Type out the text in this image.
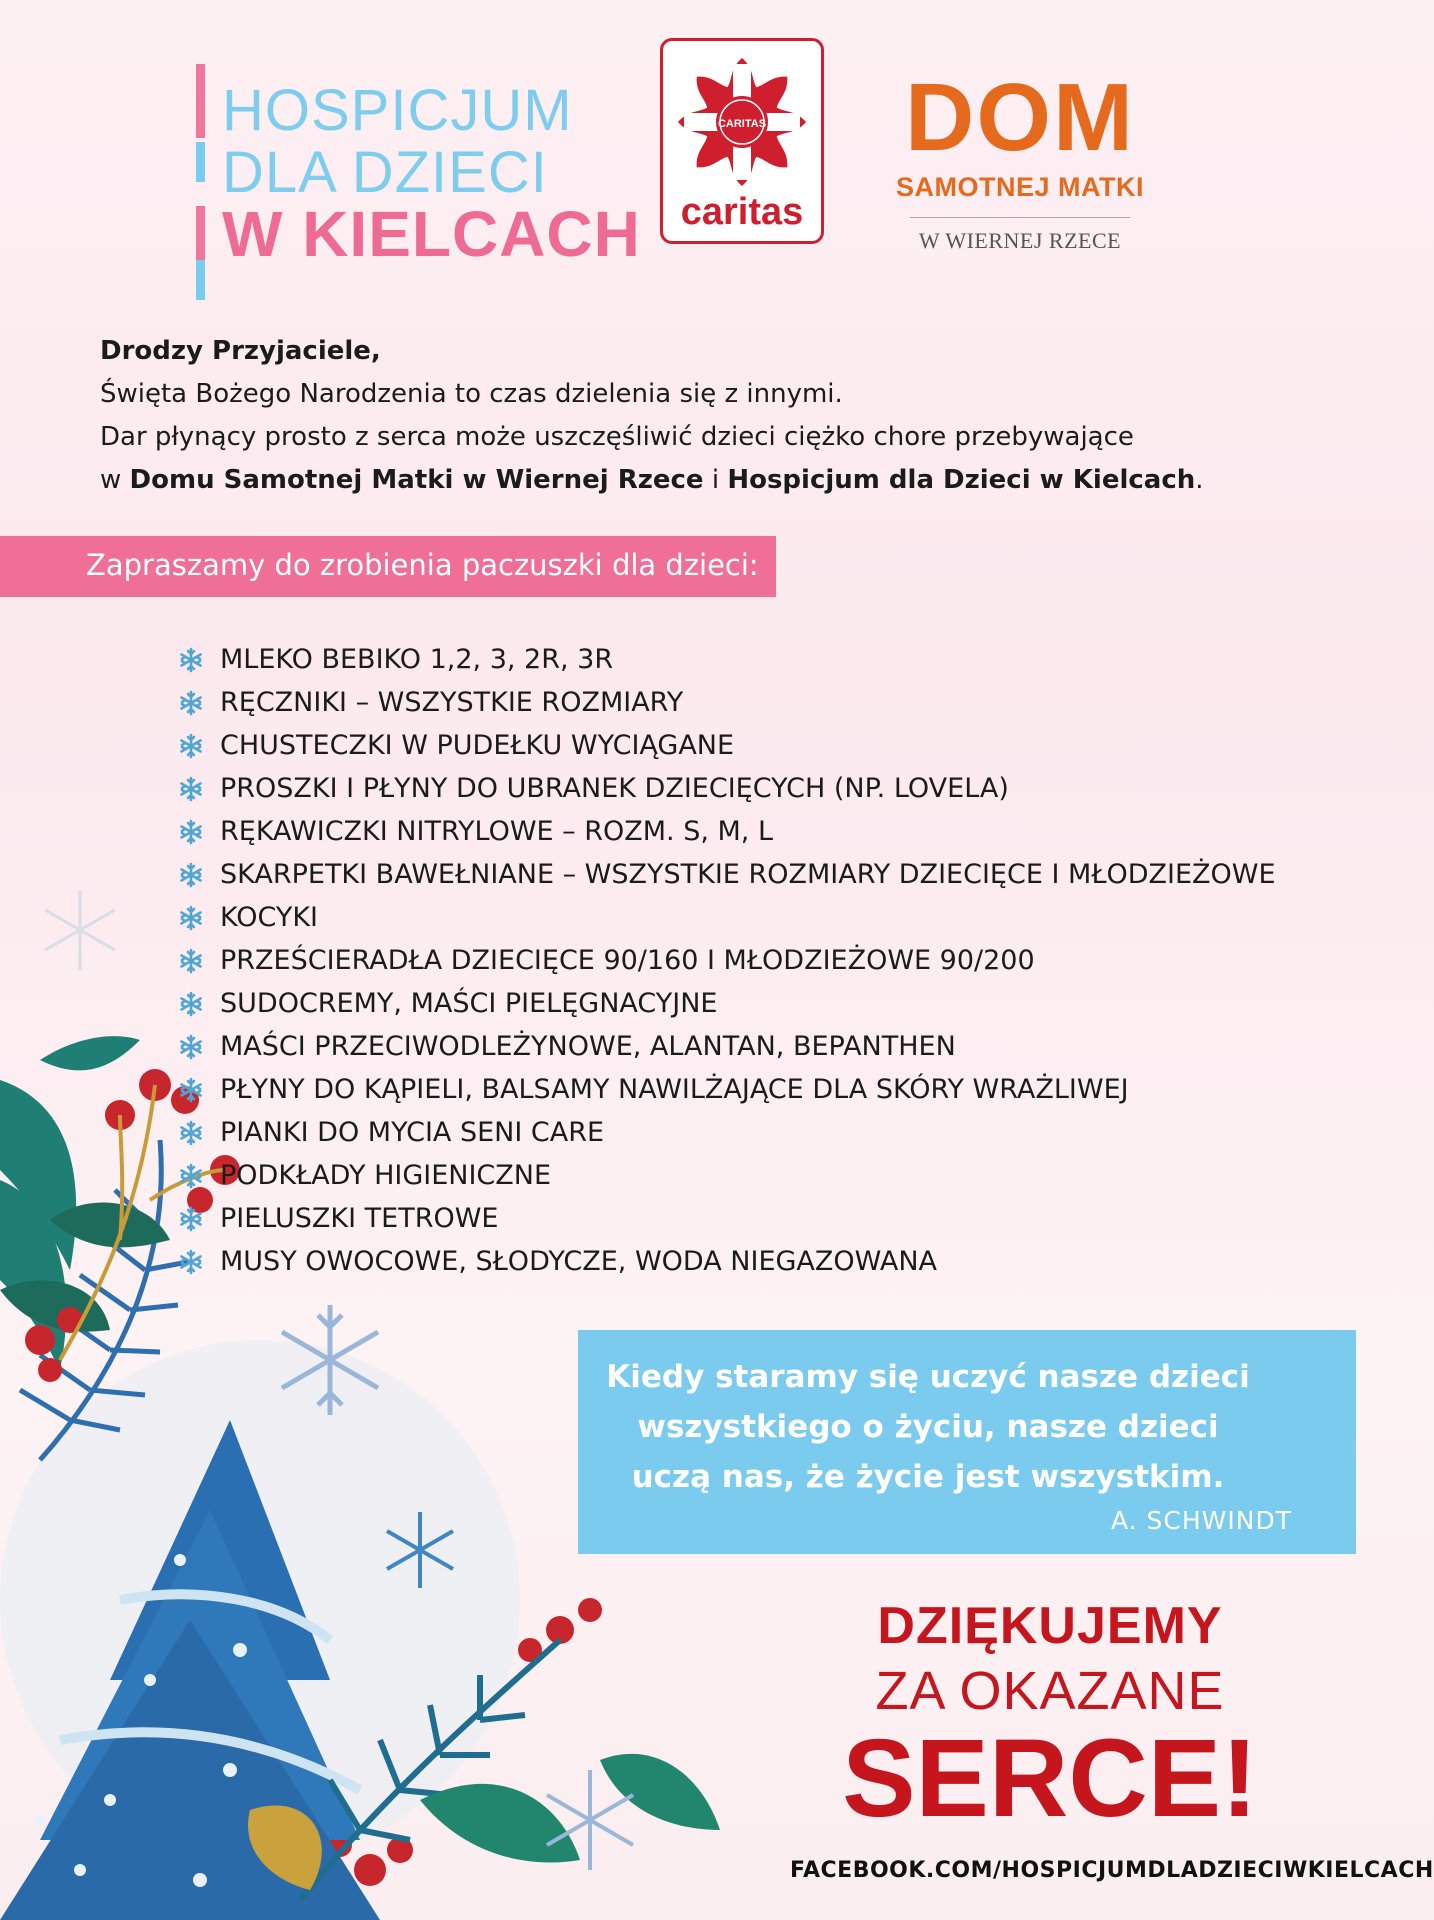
HOSPICJUM
DLA DZIECI
W KIELCACH
CARITAS
caritas
DOM
SAMOTNEJ MATKI
W WIERNEJ RZECE
Drodzy Przyjaciele,
Święta Bożego Narodzenia to czas dzielenia się z innymi.
Dar płynący prosto z serca może uszczęśliwić dzieci ciężko chore przebywające
w Domu Samotnej Matki w Wiernej Rzece i Hospicjum dla Dzieci w Kielcach.
Zapraszamy do zrobienia paczuszki dla dzieci:
MLEKO BEBIKO 1,2, 3, 2R, 3R
RĘCZNIKI – WSZYSTKIE ROZMIARY
CHUSTECZKI W PUDEŁKU WYCIĄGANE
PROSZKI I PŁYNY DO UBRANEK DZIECIĘCYCH (NP. LOVELA)
RĘKAWICZKI NITRYLOWE – ROZM. S, M, L
SKARPETKI BAWEŁNIANE – WSZYSTKIE ROZMIARY DZIECIĘCE I MŁODZIEŻOWE
KOCYKI
PRZEŚCIERADŁA DZIECIĘCE 90/160 I MŁODZIEŻOWE 90/200
SUDOCREMY, MAŚCI PIELĘGNACYJNE
MAŚCI PRZECIWODLEŻYNOWE, ALANTAN, BEPANTHEN
PŁYNY DO KĄPIELI, BALSAMY NAWILŻAJĄCE DLA SKÓRY WRAŻLIWEJ
PIANKI DO MYCIA SENI CARE
PODKŁADY HIGIENICZNE
PIELUSZKI TETROWE
MUSY OWOCOWE, SŁODYCZE, WODA NIEGAZOWANA
Kiedy staramy się uczyć nasze dzieci
wszystkiego o życiu, nasze dzieci
uczą nas, że życie jest wszystkim.
A. SCHWINDT
DZIĘKUJEMY
ZA OKAZANE
SERCE!
FACEBOOK.COM/HOSPICJUMDLADZIECIWKIELCACH
